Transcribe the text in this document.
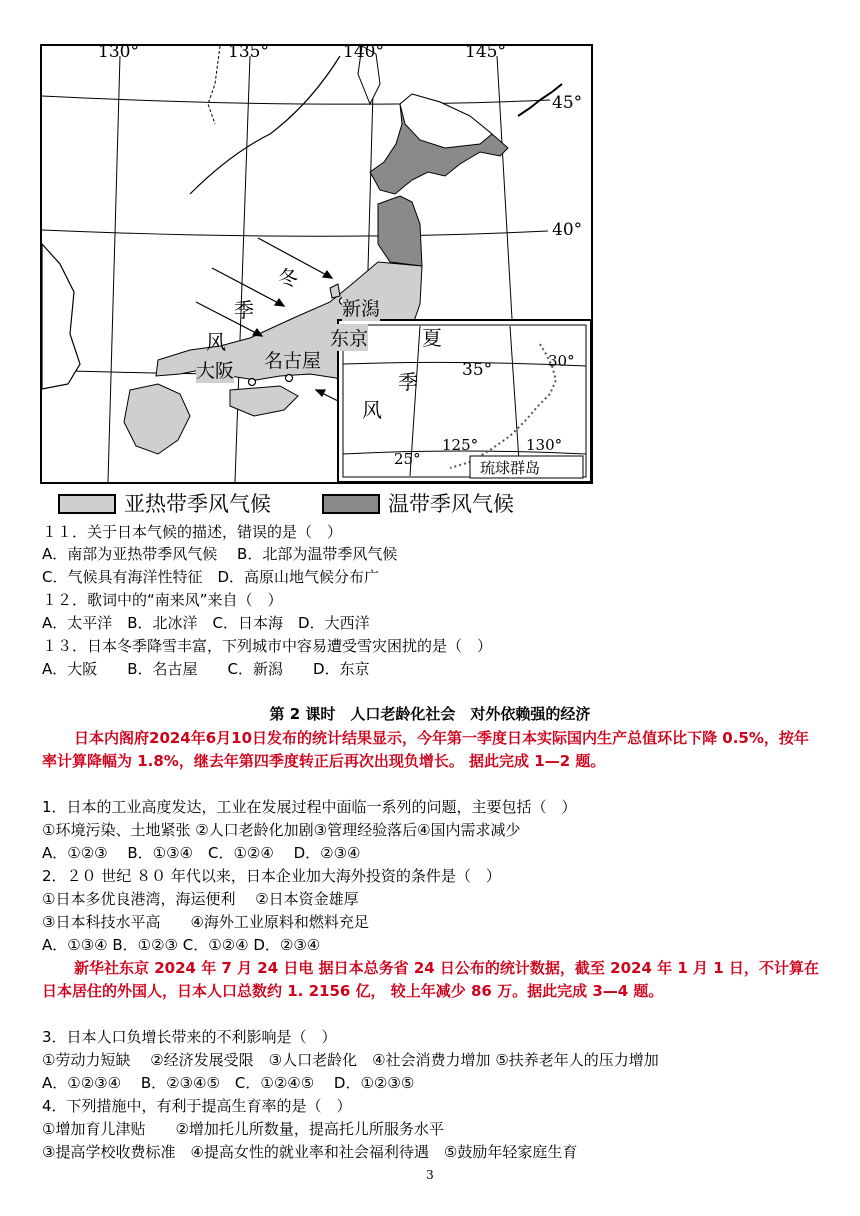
130°	135°	140°	145°
45°
40°
35°
冬
季
风	夏
季
风
新潟
东京
名古屋
大阪	30°
125°	130°
25°	琉球群岛
亚热带季风气候	温带季风气候
１１．关于日本气候的描述，错误的是（　）
A．南部为亚热带季风气候　 B．北部为温带季风气候
C．气候具有海洋性特征　D．高原山地气候分布广
１２．歌词中的“南来风”来自（　）
A．太平洋　B．北冰洋　C．日本海　D．大西洋
１３．日本冬季降雪丰富，下列城市中容易遭受雪灾困扰的是（　）
A．大阪　　B．名古屋　　C．新潟　　D．东京
第 2 课时　人口老龄化社会　对外依赖强的经济
日本内阁府2024年6月10日发布的统计结果显示，今年第一季度日本实际国内生产总值环比下降 0.5%，按年率计算降幅为 1.8%，继去年第四季度转正后再次出现负增长。 据此完成 1—2 题。
1．日本的工业高度发达，工业在发展过程中面临一系列的问题，主要包括（　）
①环境污染、土地紧张 ②人口老龄化加剧③管理经验落后④国内需求减少
A．①②③　 B．①③④　C．①②④　 D．②③④
2．２０ 世纪 ８０ 年代以来，日本企业加大海外投资的条件是（　）
①日本多优良港湾，海运便利　 ②日本资金雄厚
③日本科技水平高　　④海外工业原料和燃料充足
A．①③④ B．①②③ C．①②④ D．②③④
新华社东京 2024 年 7 月 24 日电 据日本总务省 24 日公布的统计数据，截至 2024 年 1 月 1 日，不计算在日本居住的外国人，日本人口总数约 1. 2156 亿， 较上年减少 86 万。据此完成 3—4 题。
3．日本人口负增长带来的不利影响是（　）
①劳动力短缺　 ②经济发展受限　③人口老龄化　④社会消费力增加 ⑤扶养老年人的压力增加
A．①②③④　 B．②③④⑤　C．①②④⑤　 D．①②③⑤
4．下列措施中，有利于提高生育率的是（　）
①增加育儿津贴　　②增加托儿所数量，提高托儿所服务水平
③提高学校收费标准　④提高女性的就业率和社会福利待遇　⑤鼓励年轻家庭生育
3
